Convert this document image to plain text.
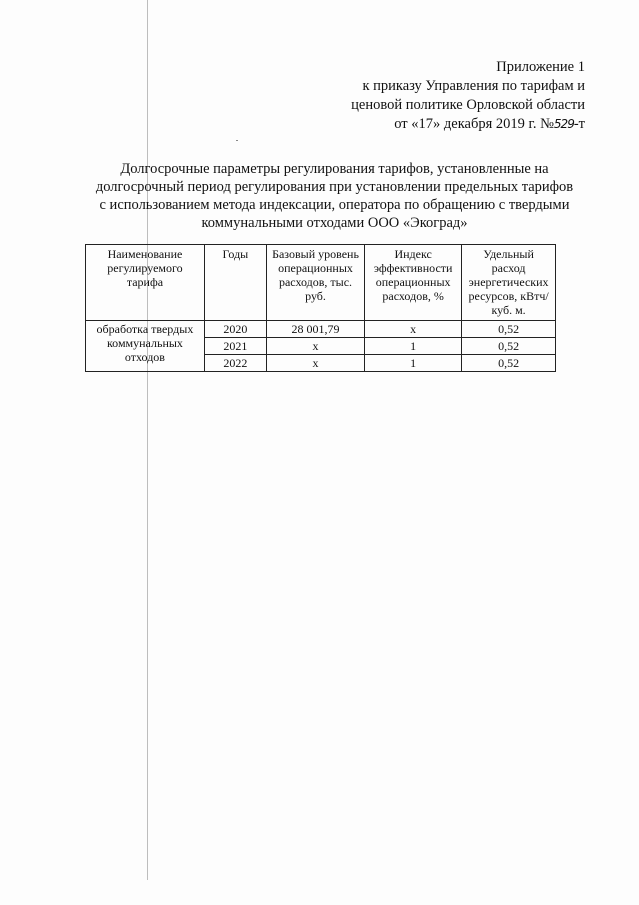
Приложение 1
к приказу Управления по тарифам и
ценовой политике Орловской области
от «17» декабря 2019 г. №529-т
Долгосрочные параметры регулирования тарифов, установленные на
долгосрочный период регулирования при установлении предельных тарифов
с использованием метода индексации, оператора по обращению с твердыми
коммунальными отходами ООО «Экоград»
Наименование регулируемого тарифа	Годы	Базовый уровень операционных расходов, тыс. руб.	Индекс эффективности операционных расходов, %	Удельный расход энергетических ресурсов, кВтч/куб. м.
обработка твердых коммунальных отходов	2020	28 001,79	х	0,52
	2021	х	1	0,52
	2022	х	1	0,52
